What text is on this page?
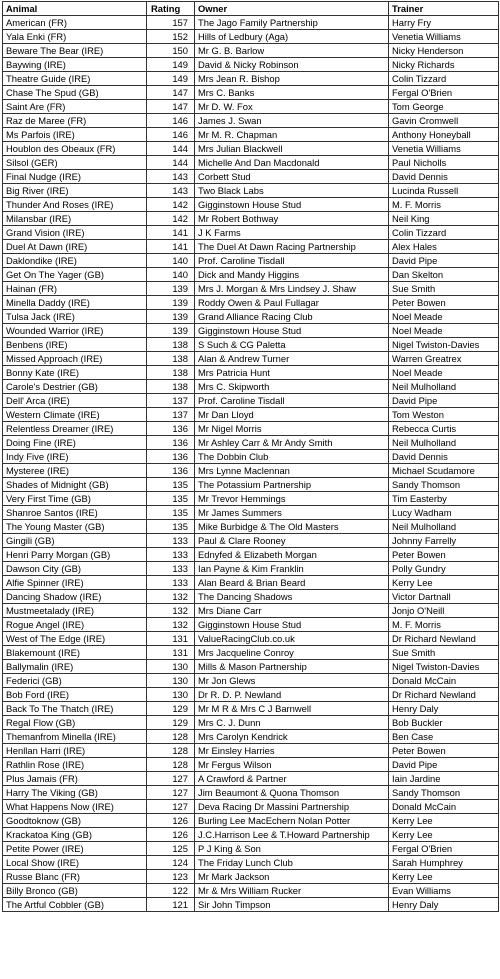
Animal	Rating	Owner	Trainer
American (FR)	157	The Jago Family Partnership	Harry Fry
Yala Enki (FR)	152	Hills of Ledbury (Aga)	Venetia Williams
Beware The Bear (IRE)	150	Mr G. B. Barlow	Nicky Henderson
Baywing (IRE)	149	David & Nicky Robinson	Nicky Richards
Theatre Guide (IRE)	149	Mrs Jean R. Bishop	Colin Tizzard
Chase The Spud (GB)	147	Mrs C. Banks	Fergal O'Brien
Saint Are (FR)	147	Mr D. W. Fox	Tom George
Raz de Maree (FR)	146	James J. Swan	Gavin Cromwell
Ms Parfois (IRE)	146	Mr M. R. Chapman	Anthony Honeyball
Houblon des Obeaux (FR)	144	Mrs Julian Blackwell	Venetia Williams
Silsol (GER)	144	Michelle And Dan Macdonald	Paul Nicholls
Final Nudge (IRE)	143	Corbett Stud	David Dennis
Big River (IRE)	143	Two Black Labs	Lucinda Russell
Thunder And Roses (IRE)	142	Gigginstown House Stud	M. F. Morris
Milansbar (IRE)	142	Mr Robert Bothway	Neil King
Grand Vision (IRE)	141	J K Farms	Colin Tizzard
Duel At Dawn (IRE)	141	The Duel At Dawn Racing Partnership	Alex Hales
Daklondike (IRE)	140	Prof. Caroline Tisdall	David Pipe
Get On The Yager (GB)	140	Dick and Mandy Higgins	Dan Skelton
Hainan (FR)	139	Mrs J. Morgan & Mrs Lindsey J. Shaw	Sue Smith
Minella Daddy (IRE)	139	Roddy Owen & Paul Fullagar	Peter Bowen
Tulsa Jack (IRE)	139	Grand Alliance Racing Club	Noel Meade
Wounded Warrior (IRE)	139	Gigginstown House Stud	Noel Meade
Benbens (IRE)	138	S Such & CG Paletta	Nigel Twiston-Davies
Missed Approach (IRE)	138	Alan & Andrew Turner	Warren Greatrex
Bonny Kate (IRE)	138	Mrs Patricia Hunt	Noel Meade
Carole's Destrier (GB)	138	Mrs C. Skipworth	Neil Mulholland
Dell' Arca (IRE)	137	Prof. Caroline Tisdall	David Pipe
Western Climate (IRE)	137	Mr Dan Lloyd	Tom Weston
Relentless Dreamer (IRE)	136	Mr Nigel Morris	Rebecca Curtis
Doing Fine (IRE)	136	Mr Ashley Carr & Mr Andy Smith	Neil Mulholland
Indy Five (IRE)	136	The Dobbin Club	David Dennis
Mysteree (IRE)	136	Mrs Lynne Maclennan	Michael Scudamore
Shades of Midnight (GB)	135	The Potassium Partnership	Sandy Thomson
Very First Time (GB)	135	Mr Trevor Hemmings	Tim Easterby
Shanroe Santos (IRE)	135	Mr James Summers	Lucy Wadham
The Young Master (GB)	135	Mike Burbidge & The Old Masters	Neil Mulholland
Gingili (GB)	133	Paul & Clare Rooney	Johnny Farrelly
Henri Parry Morgan (GB)	133	Ednyfed & Elizabeth Morgan	Peter Bowen
Dawson City (GB)	133	Ian Payne & Kim Franklin	Polly Gundry
Alfie Spinner (IRE)	133	Alan Beard & Brian Beard	Kerry Lee
Dancing Shadow (IRE)	132	The Dancing Shadows	Victor Dartnall
Mustmeetalady (IRE)	132	Mrs Diane Carr	Jonjo O'Neill
Rogue Angel (IRE)	132	Gigginstown House Stud	M. F. Morris
West of The Edge (IRE)	131	ValueRacingClub.co.uk	Dr Richard Newland
Blakemount (IRE)	131	Mrs Jacqueline Conroy	Sue Smith
Ballymalin (IRE)	130	Mills & Mason Partnership	Nigel Twiston-Davies
Federici (GB)	130	Mr Jon Glews	Donald McCain
Bob Ford (IRE)	130	Dr R. D. P. Newland	Dr Richard Newland
Back To The Thatch (IRE)	129	Mr M R & Mrs C J Barnwell	Henry Daly
Regal Flow (GB)	129	Mrs C. J. Dunn	Bob Buckler
Themanfrom Minella (IRE)	128	Mrs Carolyn Kendrick	Ben Case
Henllan Harri (IRE)	128	Mr Einsley Harries	Peter Bowen
Rathlin Rose (IRE)	128	Mr Fergus Wilson	David Pipe
Plus Jamais (FR)	127	A Crawford & Partner	Iain Jardine
Harry The Viking (GB)	127	Jim Beaumont & Quona Thomson	Sandy Thomson
What Happens Now (IRE)	127	Deva Racing Dr Massini Partnership	Donald McCain
Goodtoknow (GB)	126	Burling Lee MacEchern Nolan Potter	Kerry Lee
Krackatoa King (GB)	126	J.C.Harrison Lee & T.Howard Partnership	Kerry Lee
Petite Power (IRE)	125	P J King & Son	Fergal O'Brien
Local Show (IRE)	124	The Friday Lunch Club	Sarah Humphrey
Russe Blanc (FR)	123	Mr Mark Jackson	Kerry Lee
Billy Bronco (GB)	122	Mr & Mrs William Rucker	Evan Williams
The Artful Cobbler (GB)	121	Sir John Timpson	Henry Daly
